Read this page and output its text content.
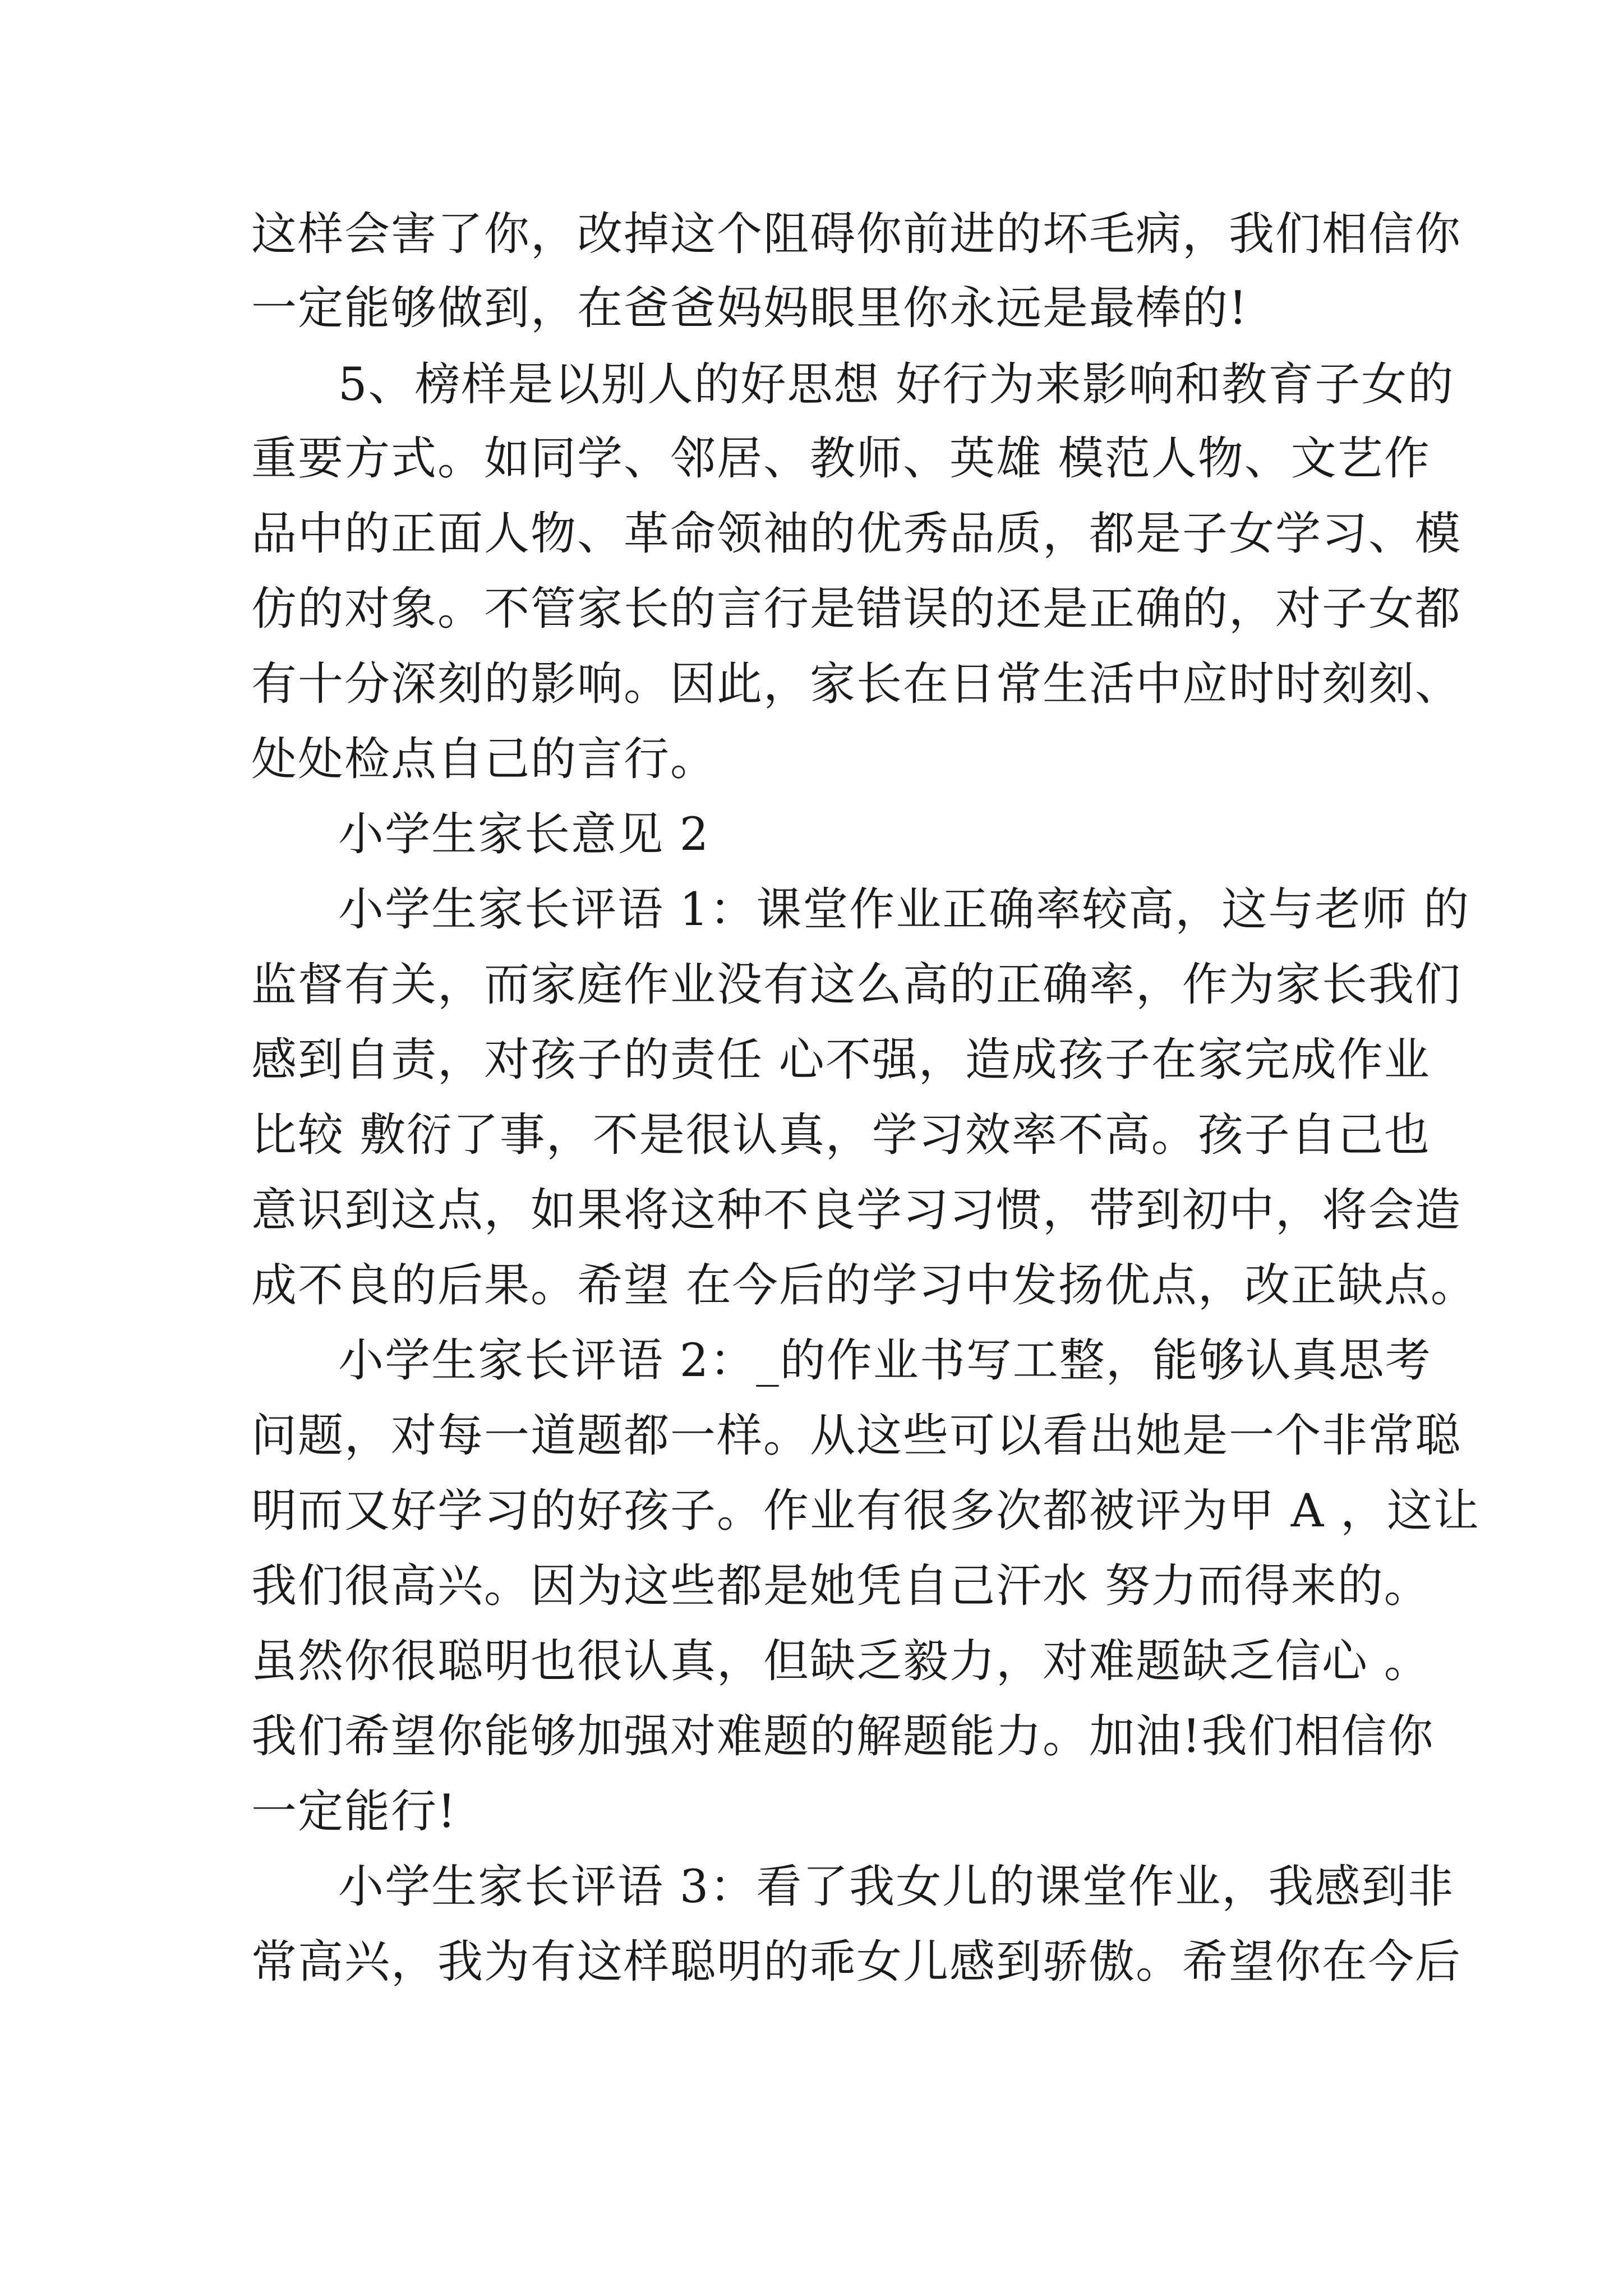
这样会害了你，改掉这个阻碍你前进的坏毛病，我们相信你
一定能够做到，在爸爸妈妈眼里你永远是最棒的!
5、榜样是以别人的好思想 好行为来影响和教育子女的
重要方式。如同学、邻居、教师、英雄 模范人物、文艺作
品中的正面人物、革命领袖的优秀品质，都是子女学习、模
仿的对象。不管家长的言行是错误的还是正确的，对子女都
有十分深刻的影响。因此，家长在日常生活中应时时刻刻、
处处检点自己的言行。
小学生家长意见 2
小学生家长评语 1：课堂作业正确率较高，这与老师 的
监督有关，而家庭作业没有这么高的正确率，作为家长我们
感到自责，对孩子的责任 心不强，造成孩子在家完成作业
比较 敷衍了事，不是很认真，学习效率不高。孩子自己也
意识到这点，如果将这种不良学习习惯，带到初中，将会造
成不良的后果。希望 在今后的学习中发扬优点，改正缺点。
小学生家长评语 2：_的作业书写工整，能够认真思考
问题，对每一道题都一样。从这些可以看出她是一个非常聪
明而又好学习的好孩子。作业有很多次都被评为甲 A ，这让
我们很高兴。因为这些都是她凭自己汗水 努力而得来的。
虽然你很聪明也很认真，但缺乏毅力，对难题缺乏信心 。
我们希望你能够加强对难题的解题能力。加油!我们相信你
一定能行!
小学生家长评语 3：看了我女儿的课堂作业，我感到非
常高兴，我为有这样聪明的乖女儿感到骄傲。希望你在今后
